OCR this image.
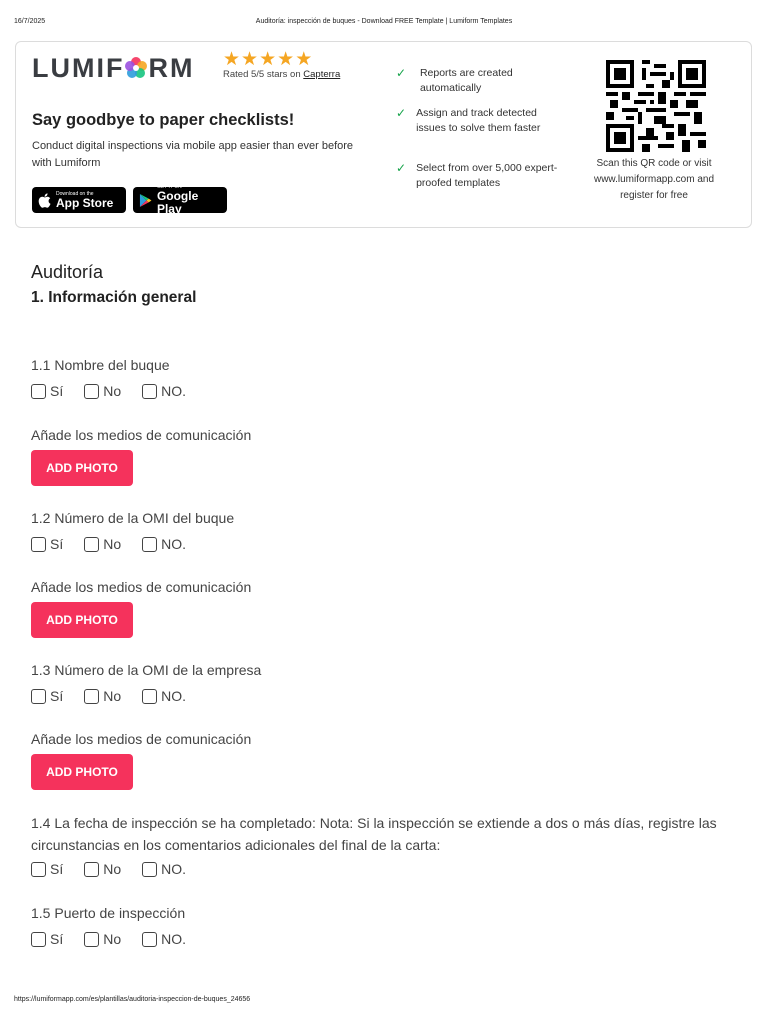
16/7/2025	Auditoría: inspección de buques - Download FREE Template | Lumiform Templates
LUMIF RM ★ ★ ★ ★ ★
Rated 5/5 stars on Capterra
Say goodbye to paper checklists!
Conduct digital inspections via mobile app easier than ever before with Lumiform
Download on the
App Store
GET IT ON
Google Play
✓	Reports are created automatically
✓ Assign and track detected issues to solve them faster
✓ Select from over 5,000 expert-proofed templates
Scan this QR code or visit www.lumiformapp.com and register for free
Auditoría
1. Información general
1.1 Nombre del buque
Sí	No	NO.
Añade los medios de comunicación
ADD PHOTO
1.2 Número de la OMI del buque
Sí	No	NO.
Añade los medios de comunicación
ADD PHOTO
1.3 Número de la OMI de la empresa
Sí	No	NO.
Añade los medios de comunicación
ADD PHOTO
1.4 La fecha de inspección se ha completado: Nota: Si la inspección se extiende a dos o más días, registre las circunstancias en los comentarios adicionales del final de la carta:
Sí	No	NO.
1.5 Puerto de inspección
Sí	No	NO.
https://lumiformapp.com/es/plantillas/auditoria-inspeccion-de-buques_24656
